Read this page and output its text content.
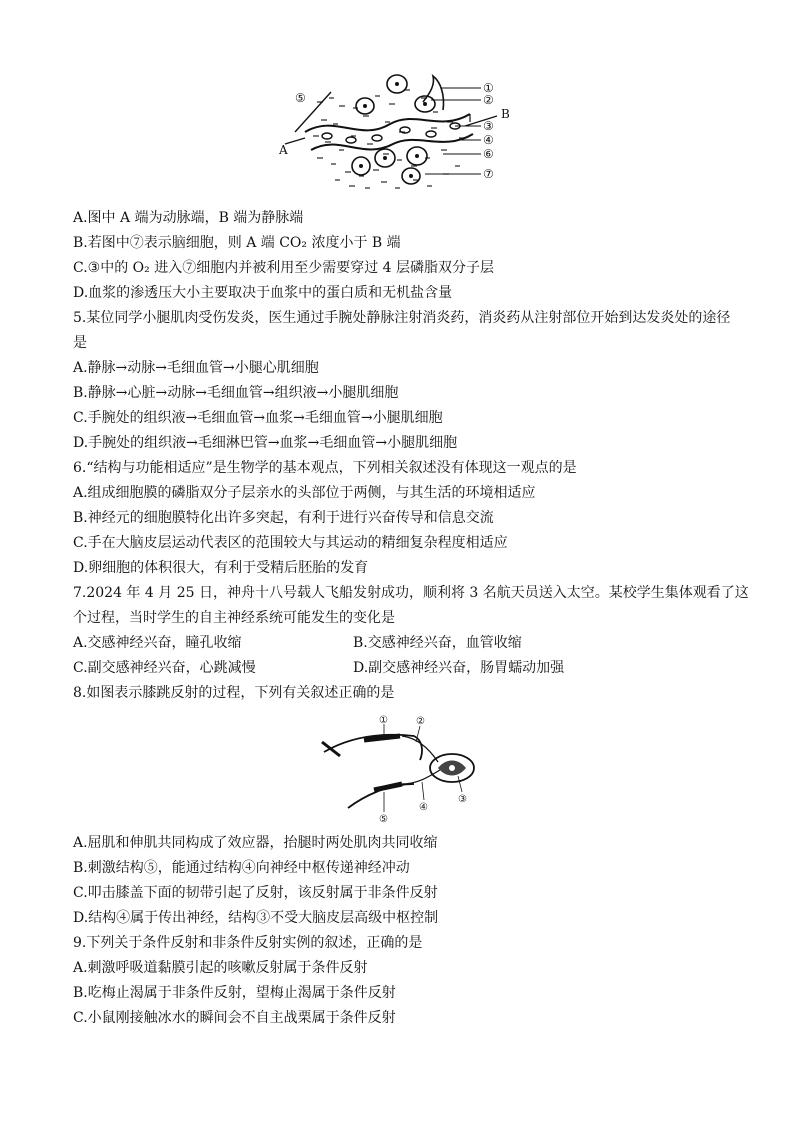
①
②
B
③
④
⑥
⑦
⑤
A
A.图中 A 端为动脉端，B 端为静脉端
B.若图中⑦表示脑细胞，则 A 端 CO₂ 浓度小于 B 端
C.③中的 O₂ 进入⑦细胞内并被利用至少需要穿过 4 层磷脂双分子层
D.血浆的渗透压大小主要取决于血浆中的蛋白质和无机盐含量
5.某位同学小腿肌肉受伤发炎，医生通过手腕处静脉注射消炎药，消炎药从注射部位开始到达发炎处的途径
是
A.静脉→动脉→毛细血管→小腿心肌细胞
B.静脉→心脏→动脉→毛细血管→组织液→小腿肌细胞
C.手腕处的组织液→毛细血管→血浆→毛细血管→小腿肌细胞
D.手腕处的组织液→毛细淋巴管→血浆→毛细血管→小腿肌细胞
6.“结构与功能相适应”是生物学的基本观点，下列相关叙述没有体现这一观点的是
A.组成细胞膜的磷脂双分子层亲水的头部位于两侧，与其生活的环境相适应
B.神经元的细胞膜特化出许多突起，有利于进行兴奋传导和信息交流
C.手在大脑皮层运动代表区的范围较大与其运动的精细复杂程度相适应
D.卵细胞的体积很大，有利于受精后胚胎的发育
7.2024 年 4 月 25 日，神舟十八号载人飞船发射成功，顺利将 3 名航天员送入太空。某校学生集体观看了这
个过程，当时学生的自主神经系统可能发生的变化是
A.交感神经兴奋，瞳孔收缩	B.交感神经兴奋，血管收缩
C.副交感神经兴奋，心跳减慢	D.副交感神经兴奋，肠胃蠕动加强
8.如图表示膝跳反射的过程，下列有关叙述正确的是
①	②
③
④
⑤
A.屈肌和伸肌共同构成了效应器，抬腿时两处肌肉共同收缩
B.刺激结构⑤，能通过结构④向神经中枢传递神经冲动
C.叩击膝盖下面的韧带引起了反射，该反射属于非条件反射
D.结构④属于传出神经，结构③不受大脑皮层高级中枢控制
9.下列关于条件反射和非条件反射实例的叙述，正确的是
A.刺激呼吸道黏膜引起的咳嗽反射属于条件反射
B.吃梅止渴属于非条件反射，望梅止渴属于条件反射
C.小鼠刚接触冰水的瞬间会不自主战栗属于条件反射
